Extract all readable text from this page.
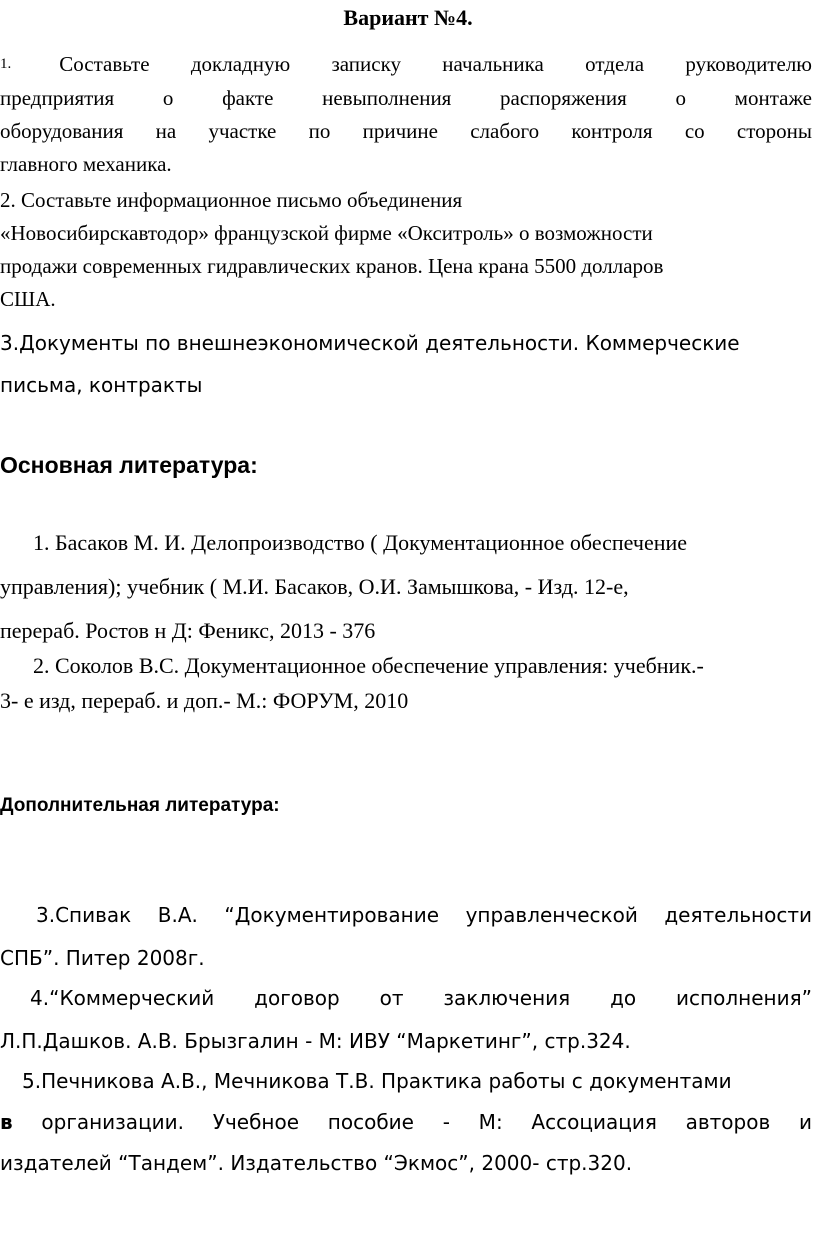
Вариант №4.
1. Составьте докладную записку начальника отдела руководителю
предприятия о факте невыполнения распоряжения о монтаже
оборудования на участке по причине слабого контроля со стороны
главного механика.
2. Составьте информационное письмо объединения
«Новосибирскавтодор» французской фирме «Окситроль» о возможности
продажи современных гидравлических кранов. Цена крана 5500 долларов
США.
3.Документы по внешнеэкономической деятельности. Коммерческие
письма, контракты
Основная литература:
1. Басаков М. И. Делопроизводство ( Документационное обеспечение
управления); учебник ( М.И. Басаков, О.И. Замышкова, - Изд. 12-е,
перераб. Ростов н Д: Феникс, 2013 - 376
2. Соколов В.С. Документационное обеспечение управления: учебник.-
3- е изд, перераб. и доп.- М.: ФОРУМ, 2010
Дополнительная литература:
3.Спивак В.А. “Документирование управленческой деятельности
СПБ”. Питер 2008г.
4.“Коммерческий договор от заключения до исполнения”
Л.П.Дашков. А.В. Брызгалин - М: ИВУ “Маркетинг”, стр.324.
5.Печникова А.В., Мечникова Т.В. Практика работы с документами
в организации. Учебное пособие - М: Ассоциация авторов и
издателей “Тандем”. Издательство “Экмос”, 2000- стр.320.
